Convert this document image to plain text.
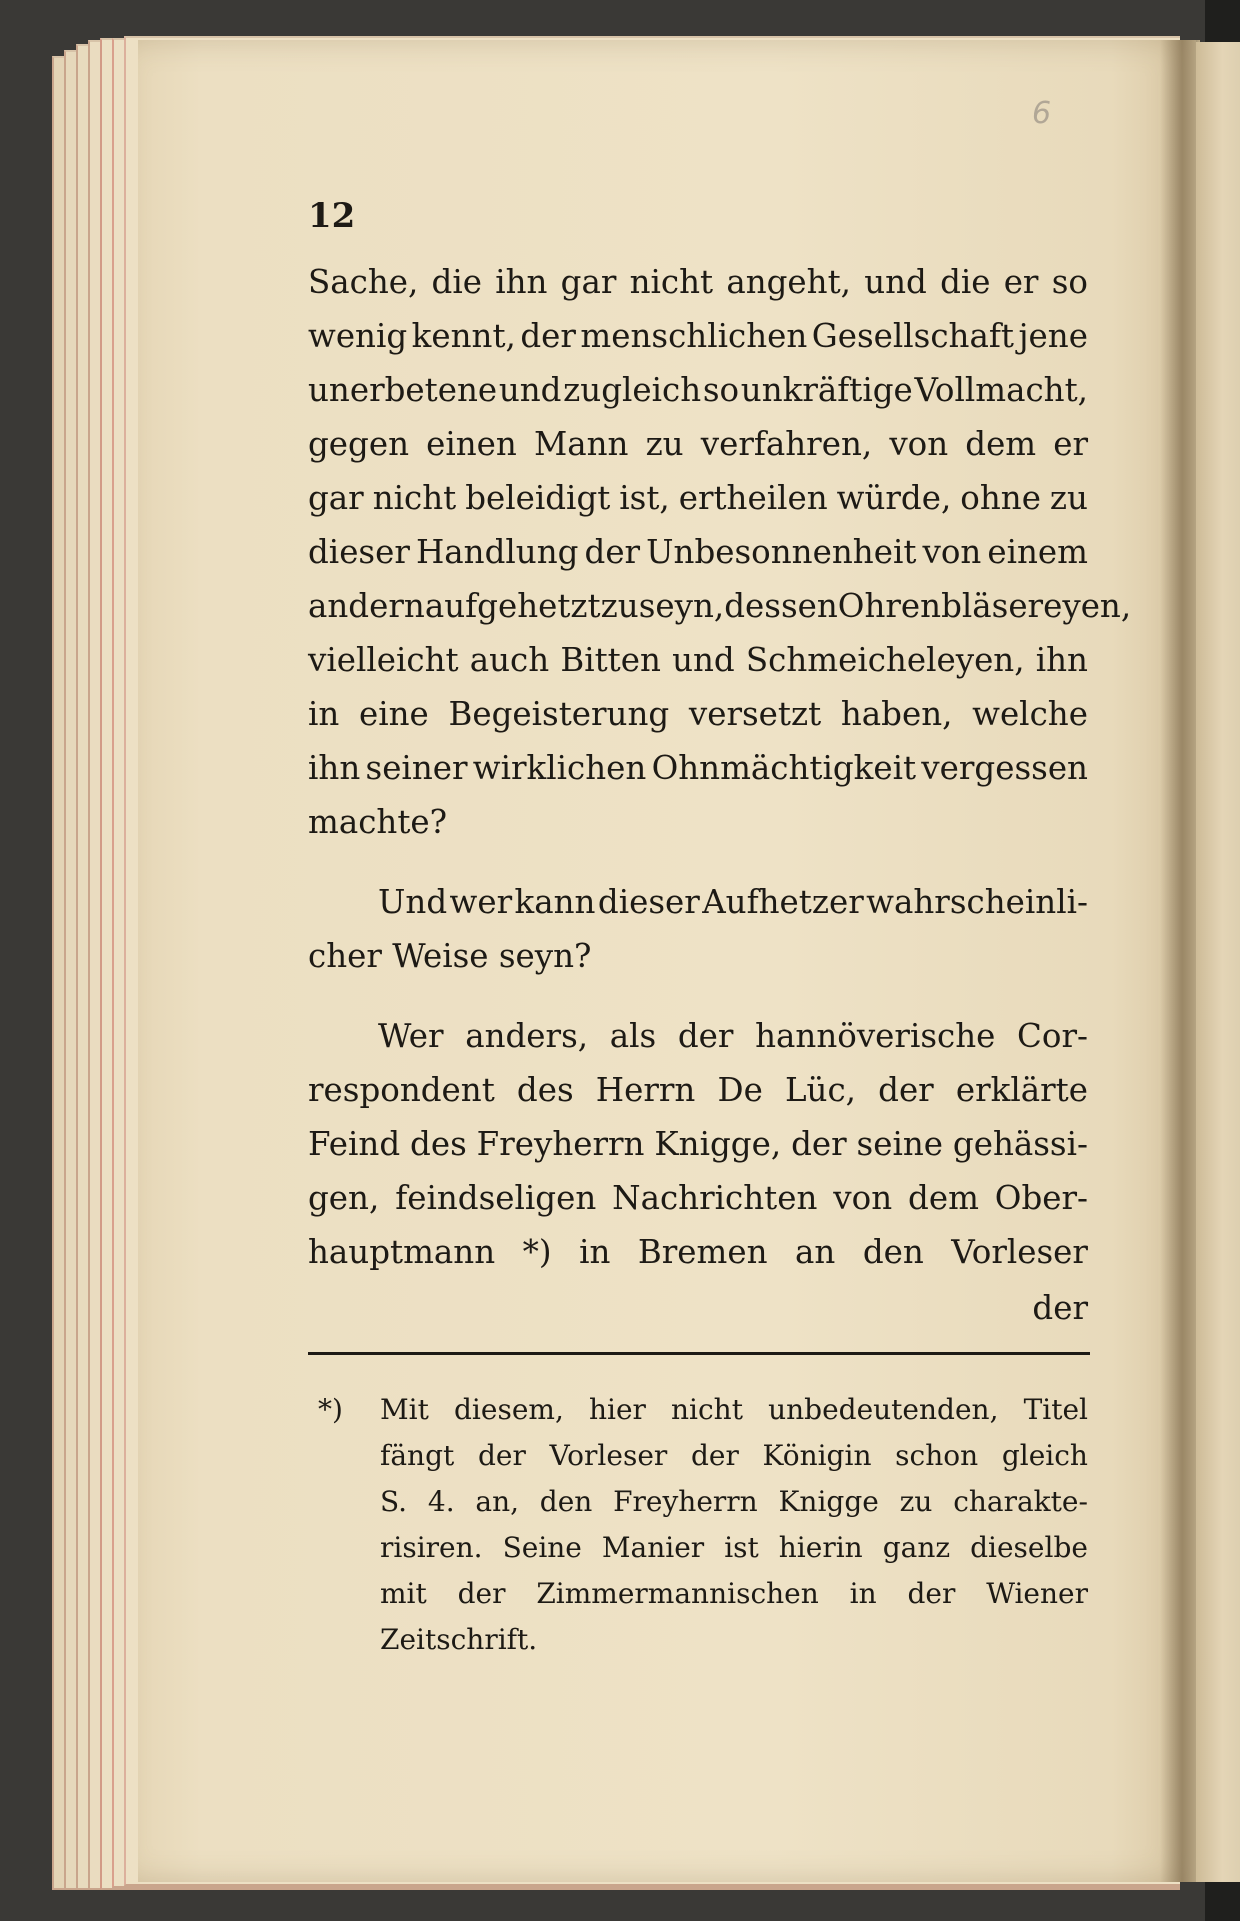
6
12
Sache, die ihn gar nicht angeht, und die er so
wenig kennt, der menschlichen Gesellschaft jene
unerbetene und zugleich so unkräftige Vollmacht,
gegen einen Mann zu verfahren, von dem er
gar nicht beleidigt ist, ertheilen würde, ohne zu
dieser Handlung der Unbesonnenheit von einem
andern aufgehetzt zu seyn, dessen Ohrenbläsereyen,
vielleicht auch Bitten und Schmeicheleyen, ihn
in eine Begeisterung versetzt haben, welche
ihn seiner wirklichen Ohnmächtigkeit vergessen
machte?
Und wer kann dieser Aufhetzer wahrscheinli-
cher Weise seyn?
Wer anders, als der hannöverische Cor-
respondent des Herrn De Lüc, der erklärte
Feind des Freyherrn Knigge, der seine gehässi-
gen, feindseligen Nachrichten von dem Ober-
hauptmann *) in Bremen an den Vorleser
der
*) Mit diesem, hier nicht unbedeutenden, Titel
fängt der Vorleser der Königin schon gleich
S. 4. an, den Freyherrn Knigge zu charakte-
risiren. Seine Manier ist hierin ganz dieselbe
mit der Zimmermannischen in der Wiener
Zeitschrift.
